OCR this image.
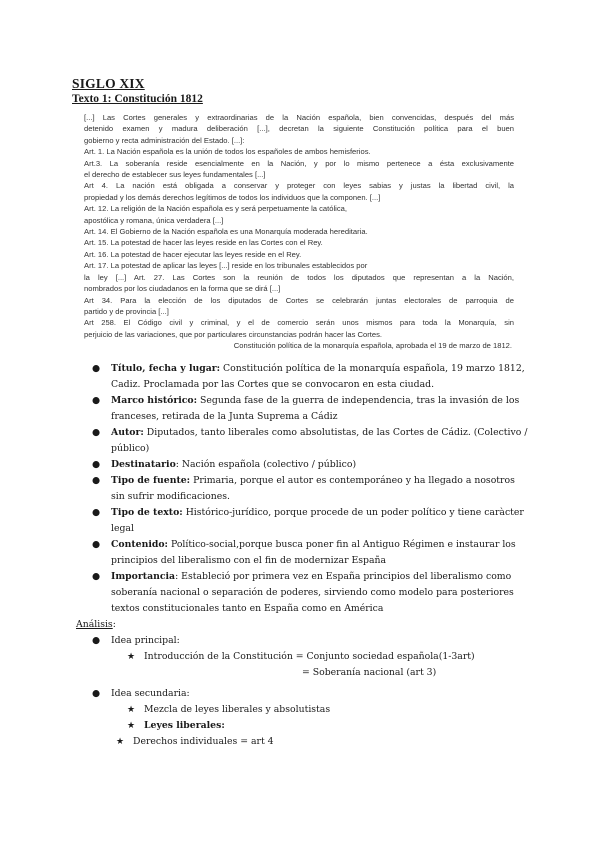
SIGLO XIX
Texto 1: Constitución 1812
[...] Las Cortes generales y extraordinarias de la Nación española, bien convencidas, después del más
detenido examen y madura deliberación [...], decretan la siguiente Constitución política para el buen
gobierno y recta administración del Estado. [...]:
Art. 1. La Nación española es la unión de todos los españoles de ambos hemisferios.
Art.3. La soberanía reside esencialmente en la Nación, y por lo mismo pertenece a ésta exclusivamente
el derecho de establecer sus leyes fundamentales [...]
Art 4. La nación está obligada a conservar y proteger con leyes sabias y justas la libertad civil, la
propiedad y los demás derechos legítimos de todos los individuos que la componen. [...]
Art. 12. La religión de la Nación española es y será perpetuamente la católica,
apostólica y romana, única verdadera [...]
Art. 14. El Gobierno de la Nación española es una Monarquía moderada hereditaria.
Art. 15. La potestad de hacer las leyes reside en las Cortes con el Rey.
Art. 16. La potestad de hacer ejecutar las leyes reside en el Rey.
Art. 17. La potestad de aplicar las leyes [...] reside en los tribunales establecidos por
la ley [...] Art. 27. Las Cortes son la reunión de todos los diputados que representan a la Nación,
nombrados por los ciudadanos en la forma que se dirá [...]
Art 34. Para la elección de los diputados de Cortes se celebrarán juntas electorales de parroquia de
partido y de provincia [...]
Art 258. El Código civil y criminal, y el de comercio serán unos mismos para toda la Monarquía, sin
perjuicio de las variaciones, que por particulares circunstancias podrán hacer las Cortes.
Constitución política de la monarquía española, aprobada el 19 de marzo de 1812.
● Título, fecha y lugar: Constitución política de la monarquía española, 19 marzo 1812, Cadiz. Proclamada por las Cortes que se convocaron en esta ciudad.
● Marco histórico: Segunda fase de la guerra de independencia, tras la invasión de los franceses, retirada de la Junta Suprema a Cádiz
● Autor: Diputados, tanto liberales como absolutistas, de las Cortes de Cádiz. (Colectivo / público)
● Destinatario: Nación española (colectivo / público)
● Tipo de fuente: Primaria, porque el autor es contemporáneo y ha llegado a nosotros sin sufrir modificaciones.
● Tipo de texto: Histórico-jurídico, porque procede de un poder político y tiene caràcter legal
● Contenido: Político-social,porque busca poner fin al Antiguo Régimen e instaurar los principios del liberalismo con el fin de modernizar España
● Importancia: Estableció por primera vez en España principios del liberalismo como soberanía nacional o separación de poderes, sirviendo como modelo para posteriores textos constitucionales tanto en España como en América
Análisis:
● Idea principal:
★ Introducción de la Constitución = Conjunto sociedad española(1-3art)
= Soberanía nacional (art 3)
● Idea secundaria:
★ Mezcla de leyes liberales y absolutistas
★ Leyes liberales:
★ Derechos individuales = art 4
